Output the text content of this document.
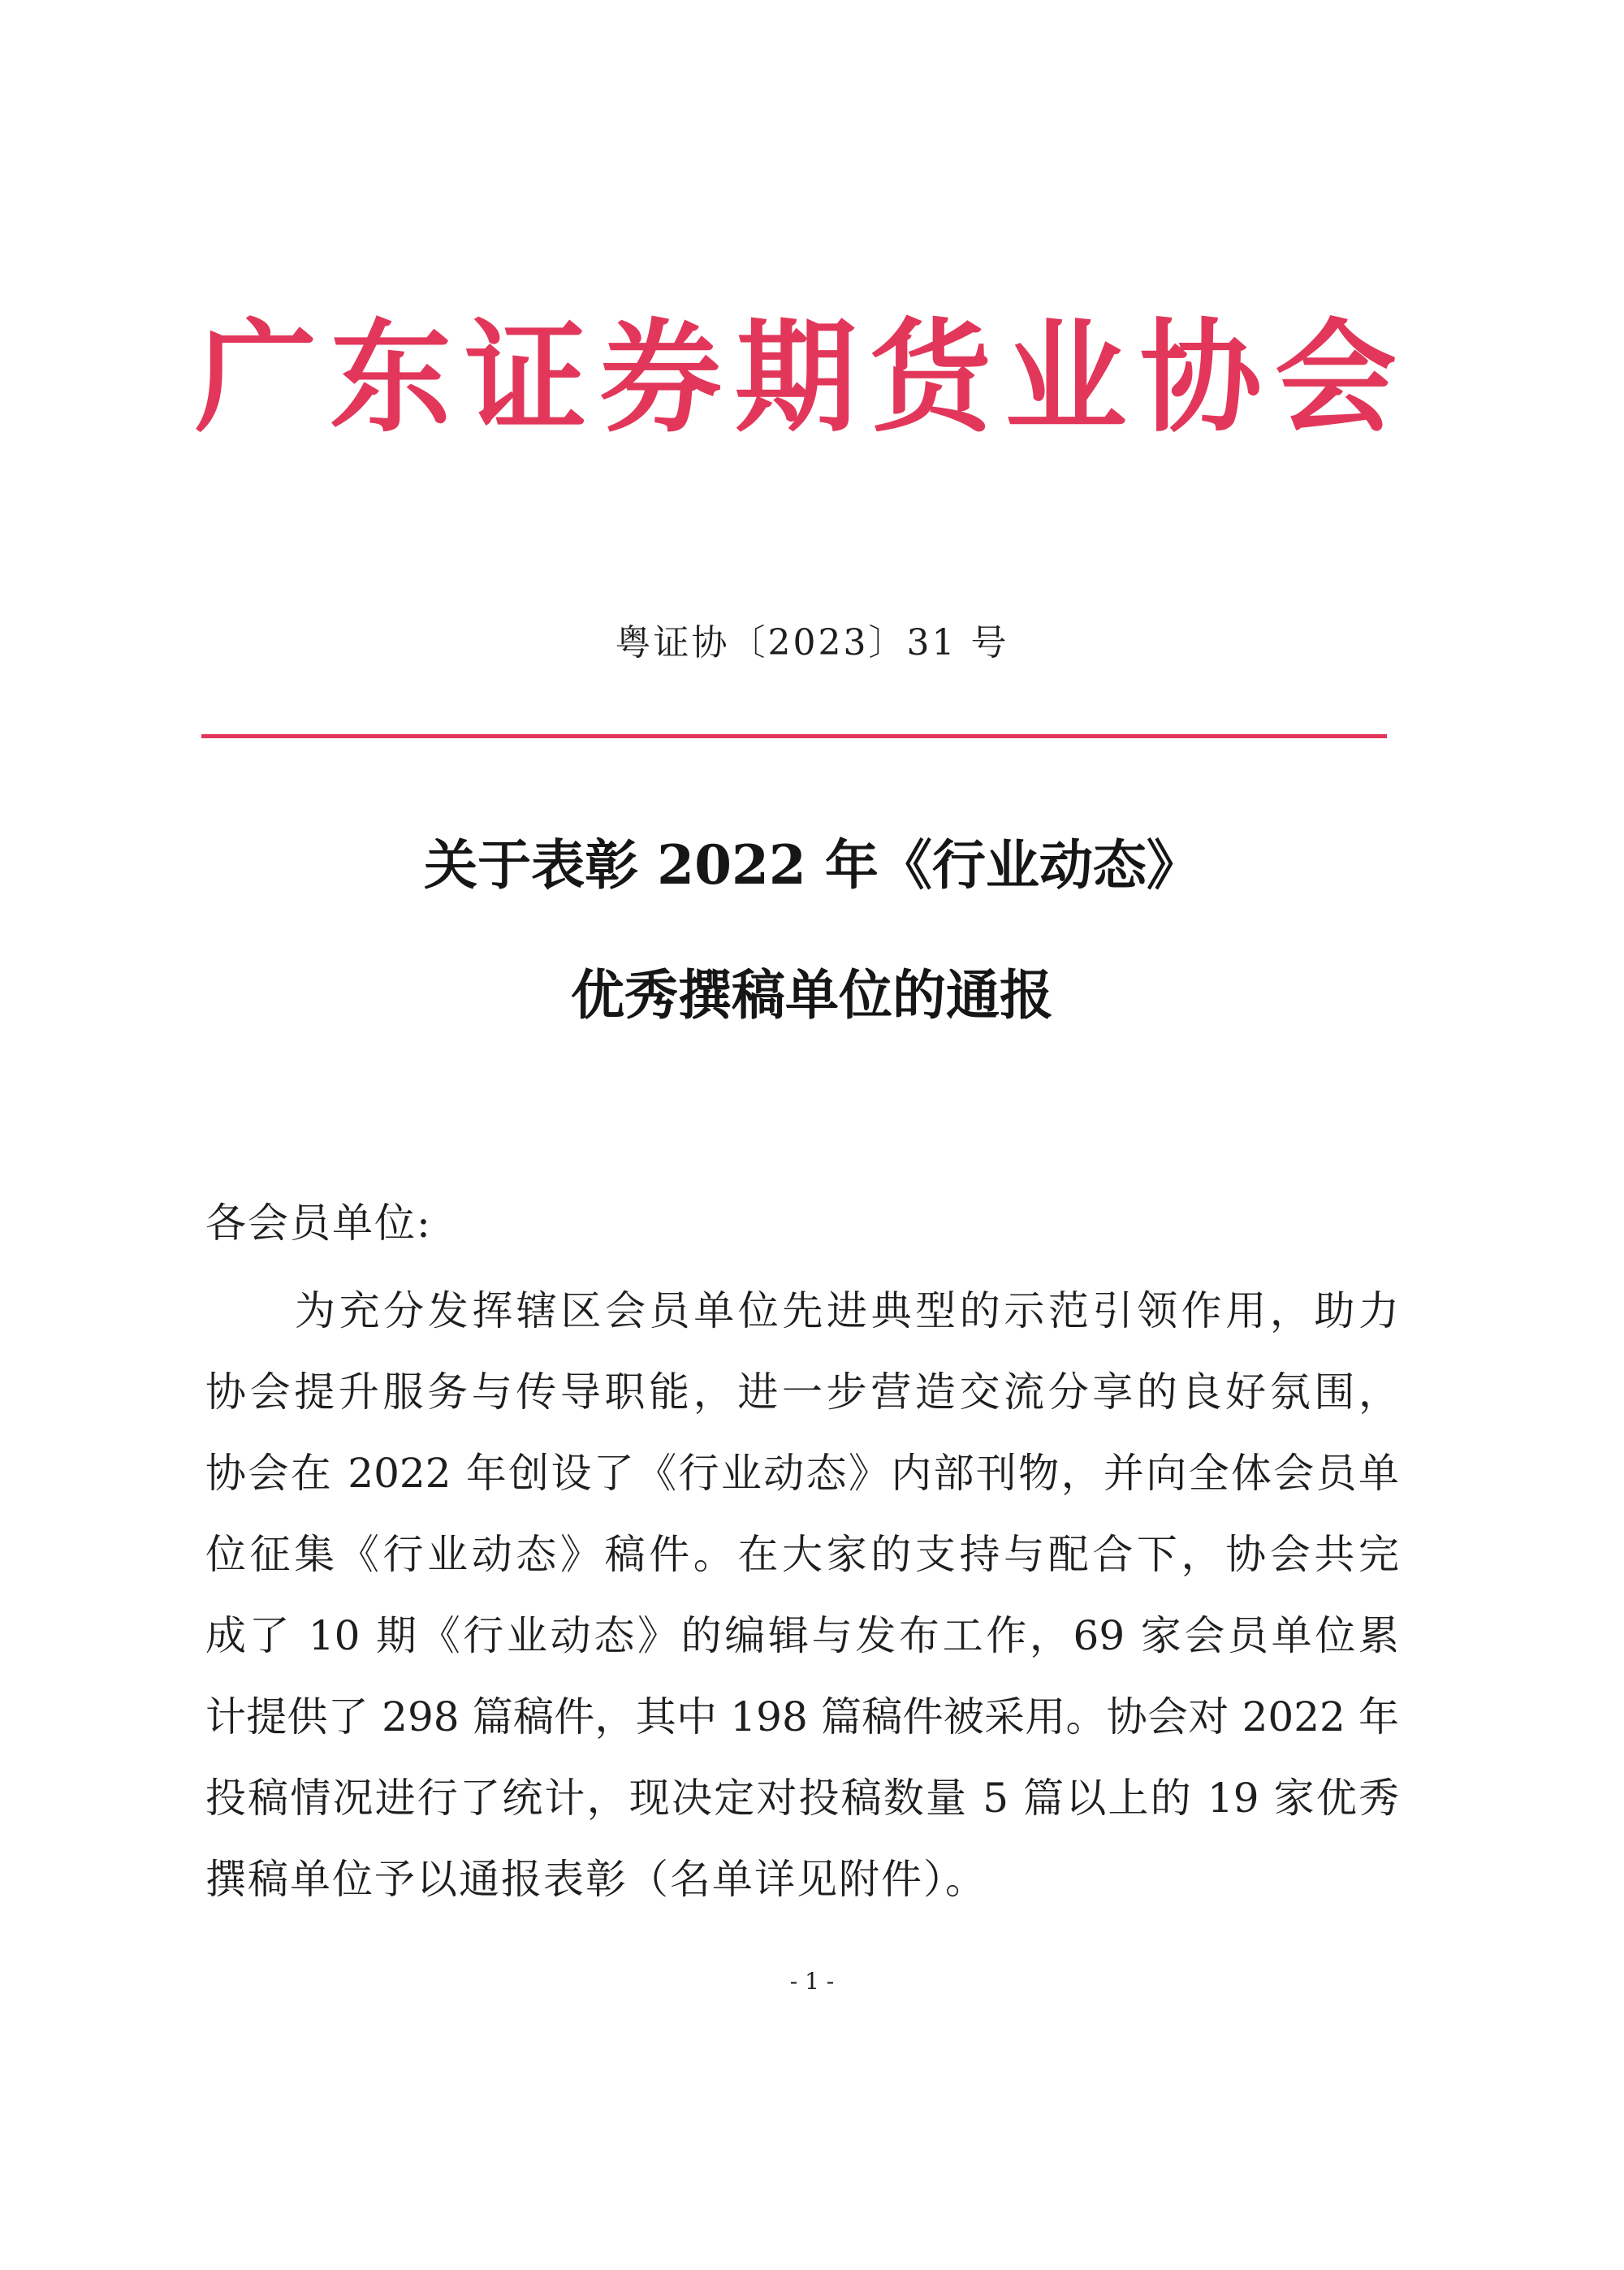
广东证券期货业协会
粤证协〔2023〕31 号
关于表彰 2022 年《行业动态》
优秀撰稿单位的通报
各会员单位:
为充分发挥辖区会员单位先进典型的示范引领作用，助力
协会提升服务与传导职能，进一步营造交流分享的良好氛围，
协会在 2022 年创设了《行业动态》内部刊物，并向全体会员单
位征集《行业动态》稿件。在大家的支持与配合下，协会共完
成了 10 期《行业动态》的编辑与发布工作，69 家会员单位累
计提供了 298 篇稿件，其中 198 篇稿件被采用。协会对 2022 年
投稿情况进行了统计，现决定对投稿数量 5 篇以上的 19 家优秀
撰稿单位予以通报表彰（名单详见附件）。
- 1 -
